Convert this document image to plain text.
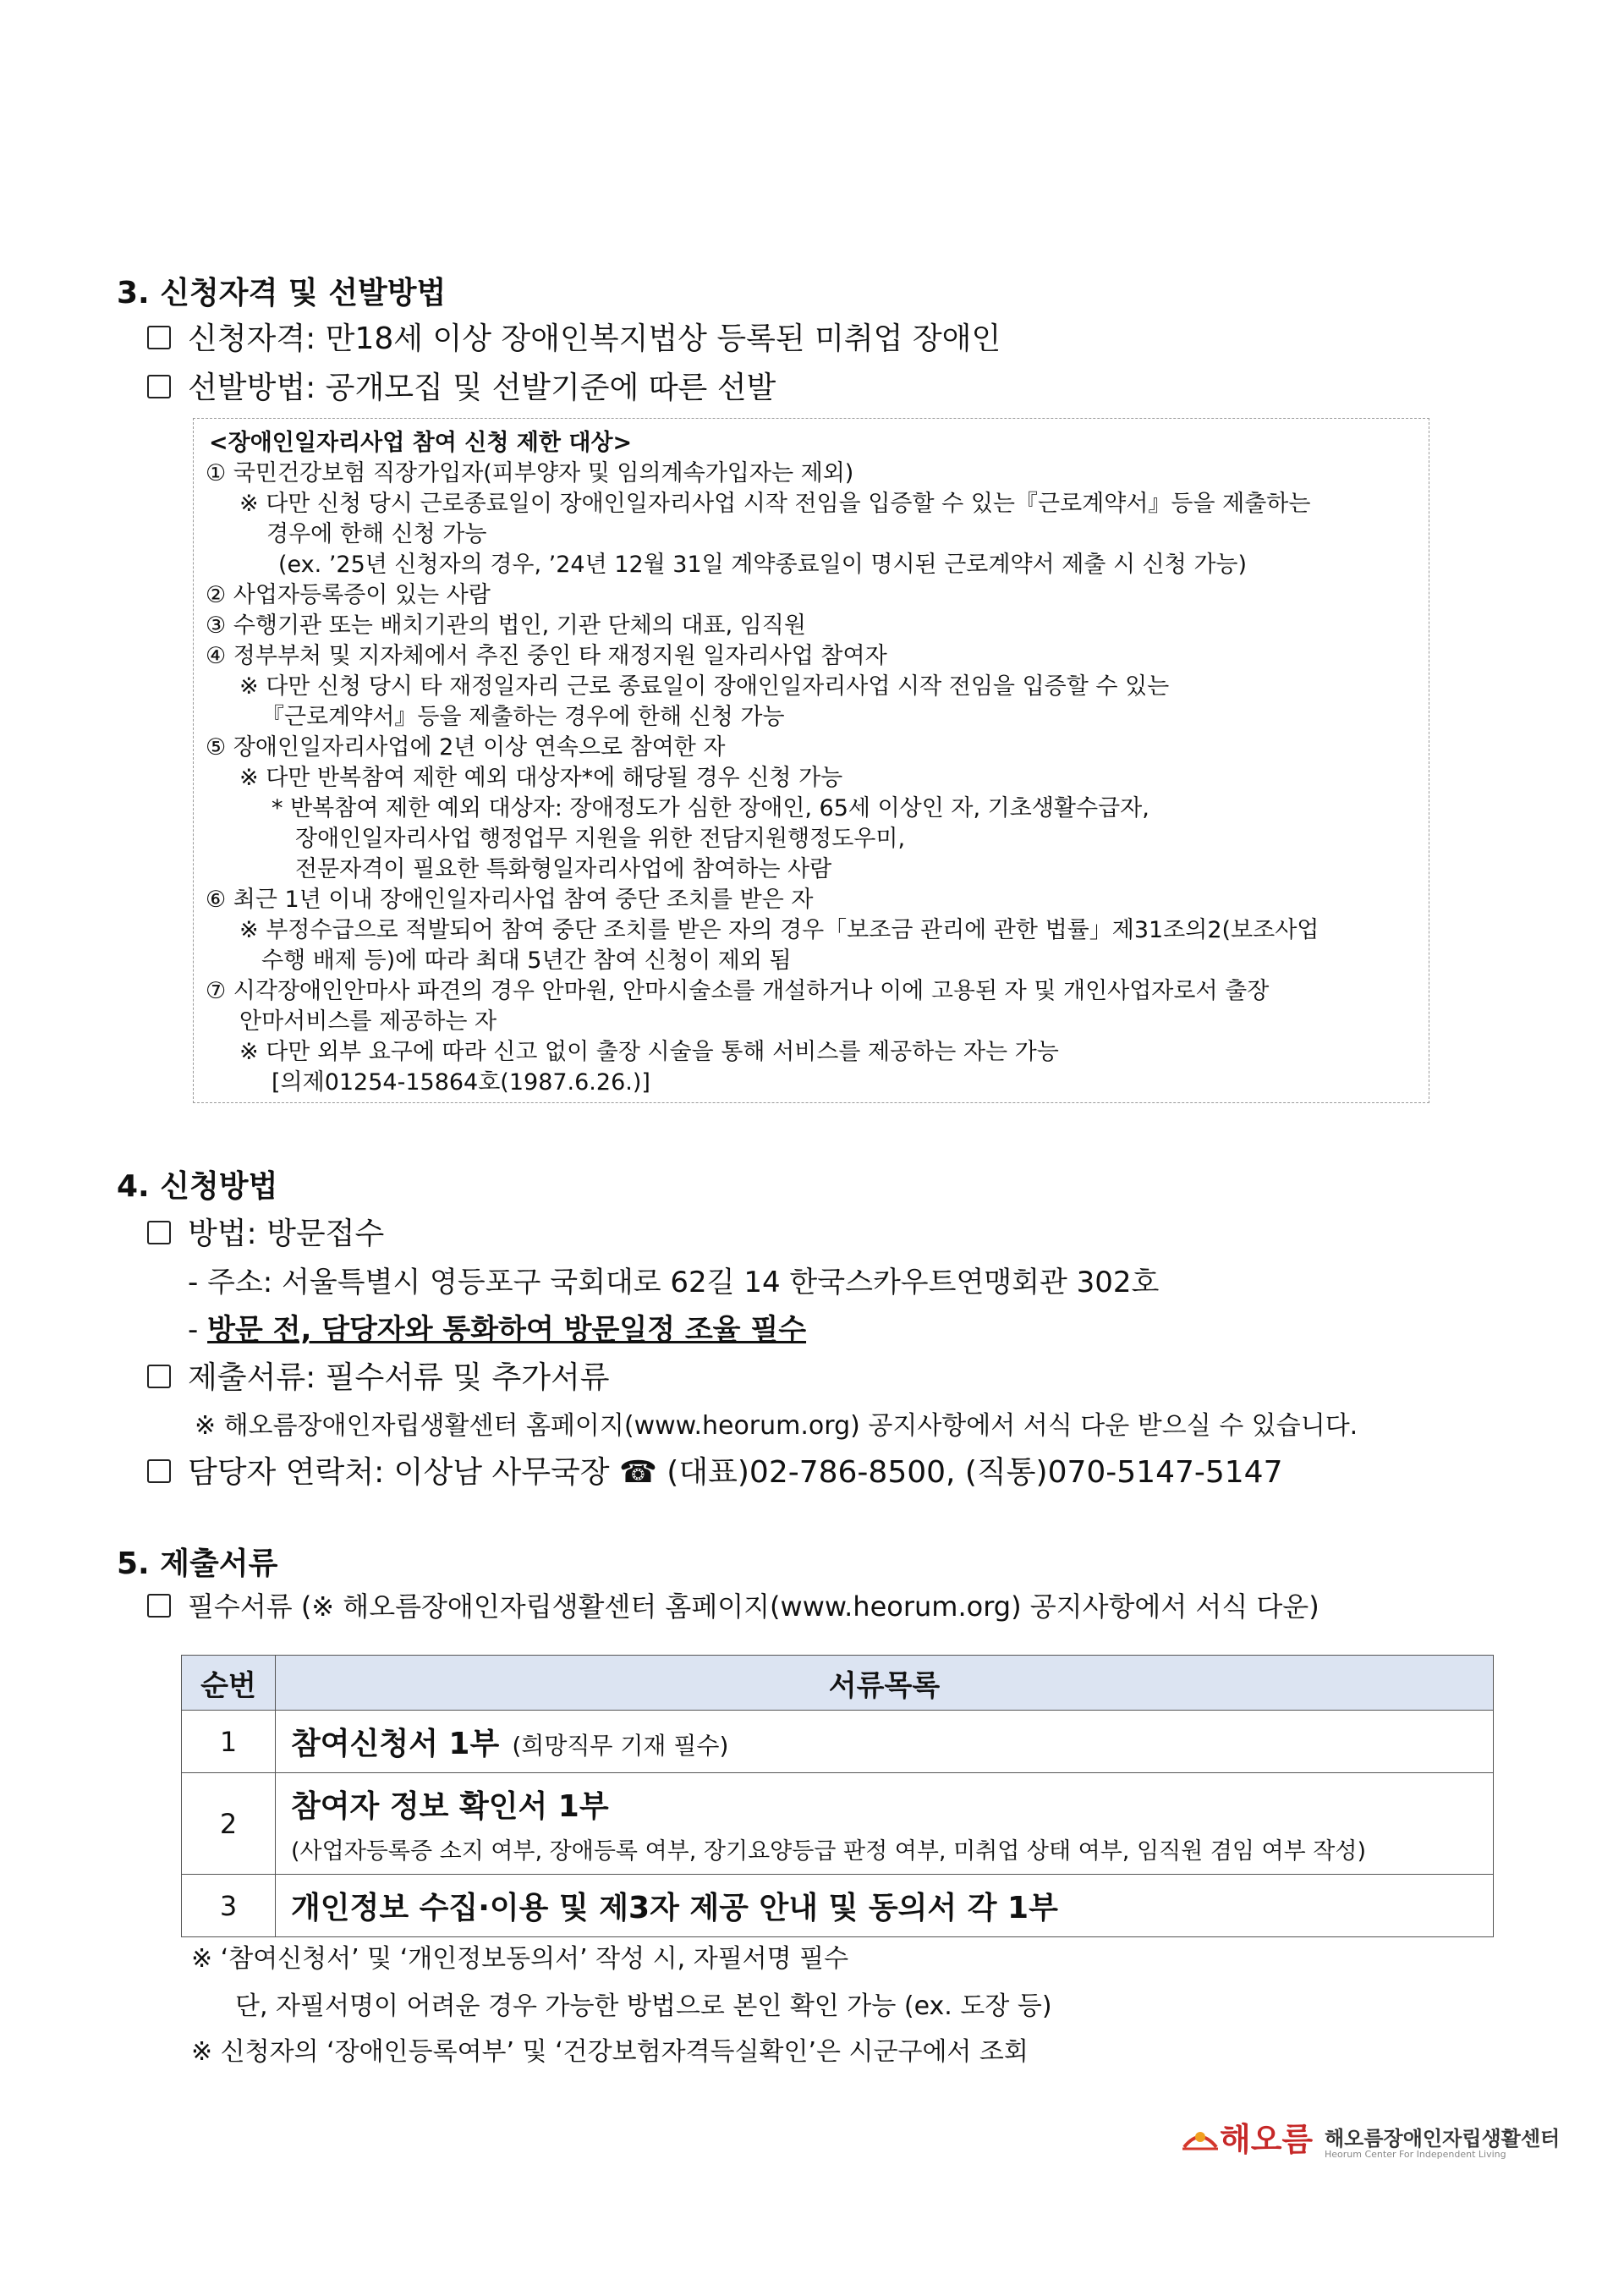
3. 신청자격 및 선발방법
신청자격: 만18세 이상 장애인복지법상 등록된 미취업 장애인
선발방법: 공개모집 및 선발기준에 따른 선발
<장애인일자리사업 참여 신청 제한 대상>
① 국민건강보험 직장가입자(피부양자 및 임의계속가입자는 제외)
※ 다만 신청 당시 근로종료일이 장애인일자리사업 시작 전임을 입증할 수 있는『근로계약서』등을 제출하는
경우에 한해 신청 가능
(ex. ’25년 신청자의 경우, ’24년 12월 31일 계약종료일이 명시된 근로계약서 제출 시 신청 가능)
② 사업자등록증이 있는 사람
③ 수행기관 또는 배치기관의 법인, 기관 단체의 대표, 임직원
④ 정부부처 및 지자체에서 추진 중인 타 재정지원 일자리사업 참여자
※ 다만 신청 당시 타 재정일자리 근로 종료일이 장애인일자리사업 시작 전임을 입증할 수 있는
『근로계약서』등을 제출하는 경우에 한해 신청 가능
⑤ 장애인일자리사업에 2년 이상 연속으로 참여한 자
※ 다만 반복참여 제한 예외 대상자*에 해당될 경우 신청 가능
* 반복참여 제한 예외 대상자: 장애정도가 심한 장애인, 65세 이상인 자, 기초생활수급자,
장애인일자리사업 행정업무 지원을 위한 전담지원행정도우미,
전문자격이 필요한 특화형일자리사업에 참여하는 사람
⑥ 최근 1년 이내 장애인일자리사업 참여 중단 조치를 받은 자
※ 부정수급으로 적발되어 참여 중단 조치를 받은 자의 경우「보조금 관리에 관한 법률」제31조의2(보조사업
수행 배제 등)에 따라 최대 5년간 참여 신청이 제외 됨
⑦ 시각장애인안마사 파견의 경우 안마원, 안마시술소를 개설하거나 이에 고용된 자 및 개인사업자로서 출장
안마서비스를 제공하는 자
※ 다만 외부 요구에 따라 신고 없이 출장 시술을 통해 서비스를 제공하는 자는 가능
[의제01254-15864호(1987.6.26.)]
4. 신청방법
방법: 방문접수
- 주소: 서울특별시 영등포구 국회대로 62길 14 한국스카우트연맹회관 302호
- 방문 전, 담당자와 통화하여 방문일정 조율 필수
제출서류: 필수서류 및 추가서류
※ 해오름장애인자립생활센터 홈페이지(www.heorum.org) 공지사항에서 서식 다운 받으실 수 있습니다.
담당자 연락처: 이상남 사무국장 ☎ (대표)02-786-8500, (직통)070-5147-5147
5. 제출서류
필수서류 (※ 해오름장애인자립생활센터 홈페이지(www.heorum.org) 공지사항에서 서식 다운)
순번	서류목록
1	참여신청서 1부 (희망직무 기재 필수)
2	참여자 정보 확인서 1부
(사업자등록증 소지 여부, 장애등록 여부, 장기요양등급 판정 여부, 미취업 상태 여부, 임직원 겸임 여부 작성)

3	개인정보 수집·이용 및 제3자 제공 안내 및 동의서 각 1부
※ ‘참여신청서’ 및 ‘개인정보동의서’ 작성 시, 자필서명 필수
단, 자필서명이 어려운 경우 가능한 방법으로 본인 확인 가능 (ex. 도장 등)
※ 신청자의 ‘장애인등록여부’ 및 ‘건강보험자격득실확인’은 시군구에서 조회
해오름 해오름장애인자립생활센터
Heorum Center For Independent Living
